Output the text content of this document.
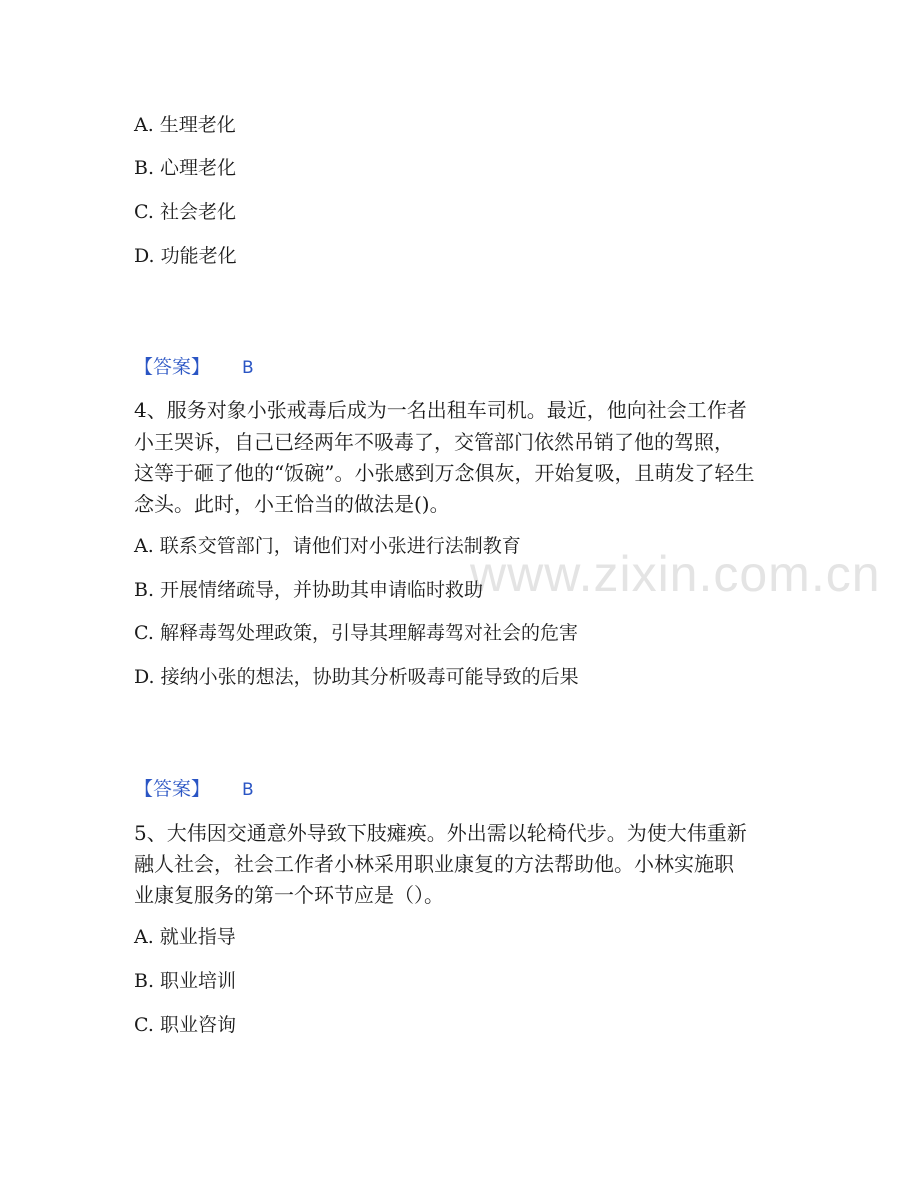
www.zixin.com.cn
A. 生理老化
B. 心理老化
C. 社会老化
D. 功能老化
【答案】 B
4、服务对象小张戒毒后成为一名出租车司机。最近，他向社会工作者
小王哭诉，自己已经两年不吸毒了，交管部门依然吊销了他的驾照，
这等于砸了他的“饭碗”。小张感到万念俱灰，开始复吸，且萌发了轻生
念头。此时，小王恰当的做法是()。
A. 联系交管部门，请他们对小张进行法制教育
B. 开展情绪疏导，并协助其申请临时救助
C. 解释毒驾处理政策，引导其理解毒驾对社会的危害
D. 接纳小张的想法，协助其分析吸毒可能导致的后果
【答案】 B
5、大伟因交通意外导致下肢瘫痪。外出需以轮椅代步。为使大伟重新
融人社会，社会工作者小林采用职业康复的方法帮助他。小林实施职
业康复服务的第一个环节应是（）。
A. 就业指导
B. 职业培训
C. 职业咨询
